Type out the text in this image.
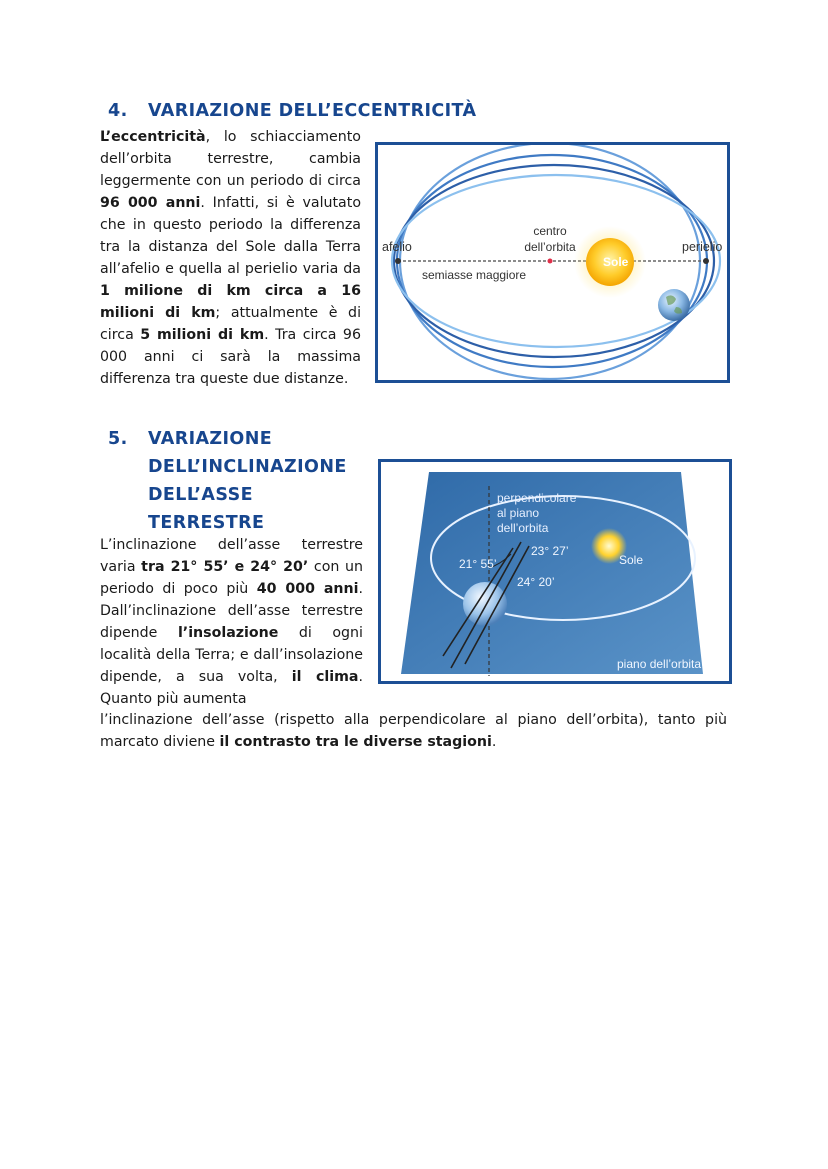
4. VARIAZIONE DELL’ECCENTRICITÀ
L’eccentricità, lo schiacciamento dell’orbita terrestre, cambia leggermente con un periodo di circa 96 000 anni. Infatti, si è valutato che in questo periodo la differenza tra la distanza del Sole dalla Terra all’afelio e quella al perielio varia da 1 milione di km circa a 16 milioni di km; attualmente è di circa 5 milioni di km. Tra circa 96 000 anni ci sarà la massima differenza tra queste due distanze.
afelio	perielio
centro
dell’orbita
semiasse maggiore
Sole
5. VARIAZIONE
DELL’INCLINAZIONE
DELL’ASSE
TERRESTRE
L’inclinazione dell’asse terrestre varia tra 21° 55’ e 24° 20’ con un periodo di poco più 40 000 anni. Dall’inclinazione dell’asse terrestre dipende l’insolazione di ogni località della Terra; e dall’insolazione dipende, a sua volta, il clima. Quanto più aumenta
l’inclinazione dell’asse (rispetto alla perpendicolare al piano dell’orbita), tanto più marcato diviene il contrasto tra le diverse stagioni.
perpendicolare
al piano
dell’orbita
21° 55’
23° 27’
24° 20’
Sole
piano dell’orbita
